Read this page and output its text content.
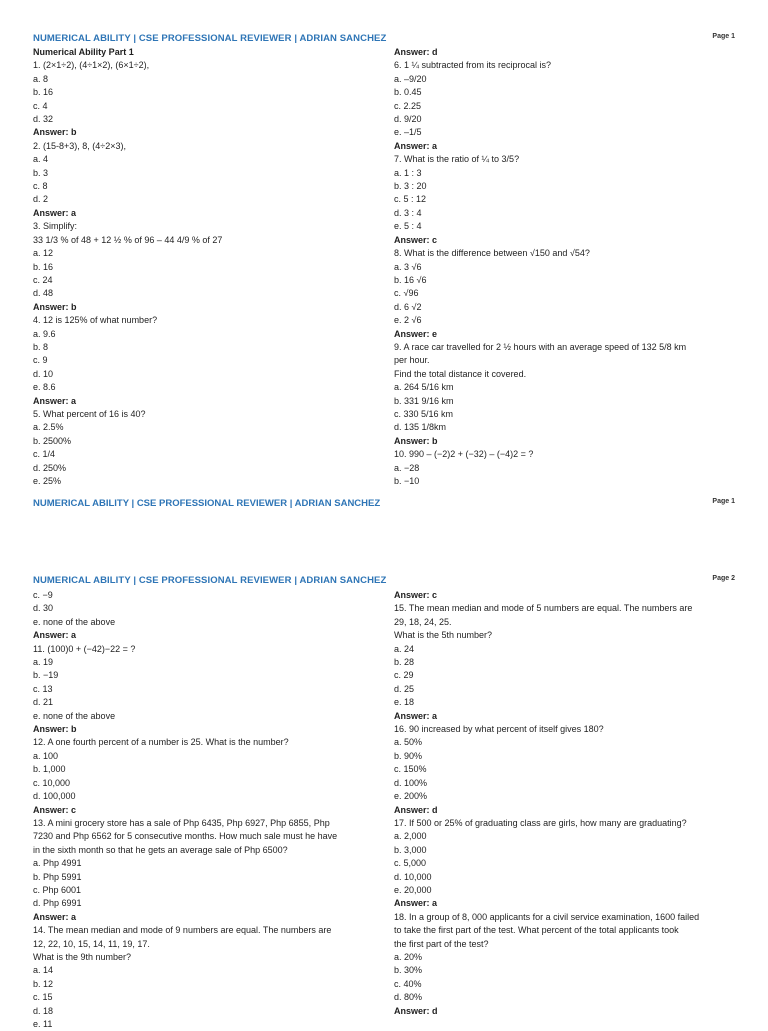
NUMERICAL ABILITY | CSE PROFESSIONAL REVIEWER | ADRIAN SANCHEZ	Page 1
Numerical Ability Part 1
1. (2×1÷2), (4÷1×2), (6×1÷2),
a. 8
b. 16
c. 4
d. 32
Answer: b
2. (15-8+3), 8, (4÷2×3),
a. 4
b. 3
c. 8
d. 2
Answer: a
3. Simplify:
33 1/3 % of 48 + 12 ½ % of 96 – 44 4/9 % of 27
a. 12
b. 16
c. 24
d. 48
Answer: b
4. 12 is 125% of what number?
a. 9.6
b. 8
c. 9
d. 10
e. 8.6
Answer: a
5. What percent of 16 is 40?
a. 2.5%
b. 2500%
c. 1/4
d. 250%
e. 25%
Answer: d
6. 1 ¼ subtracted from its reciprocal is?
a. –9/20
b. 0.45
c. 2.25
d. 9/20
e. –1/5
Answer: a
7. What is the ratio of ¼ to 3/5?
a. 1 : 3
b. 3 : 20
c. 5 : 12
d. 3 : 4
e. 5 : 4
Answer: c
8. What is the difference between √150 and √54?
a. 3 √6
b. 16 √6
c. √96
d. 6 √2
e. 2 √6
Answer: e
9. A race car travelled for 2 ½ hours with an average speed of 132 5/8 km
per hour.
Find the total distance it covered.
a. 264 5/16 km
b. 331 9/16 km
c. 330 5/16 km
d. 135 1/8km
Answer: b
10. 990 – (−2)2 + (−32) – (−4)2 = ?
a. −28
b. −10
NUMERICAL ABILITY | CSE PROFESSIONAL REVIEWER | ADRIAN SANCHEZ	Page 1
NUMERICAL ABILITY | CSE PROFESSIONAL REVIEWER | ADRIAN SANCHEZ	Page 2
c. −9
d. 30
e. none of the above
Answer: a
11. (100)0 + (−42)−22 = ?
a. 19
b. −19
c. 13
d. 21
e. none of the above
Answer: b
12. A one fourth percent of a number is 25. What is the number?
a. 100
b. 1,000
c. 10,000
d. 100,000
Answer: c
13. A mini grocery store has a sale of Php 6435, Php 6927, Php 6855, Php
7230 and Php 6562 for 5 consecutive months. How much sale must he have
in the sixth month so that he gets an average sale of Php 6500?
a. Php 4991
b. Php 5991
c. Php 6001
d. Php 6991
Answer: a
14. The mean median and mode of 9 numbers are equal. The numbers are
12, 22, 10, 15, 14, 11, 19, 17.
What is the 9th number?
a. 14
b. 12
c. 15
d. 18
e. 11
Answer: c
15. The mean median and mode of 5 numbers are equal. The numbers are
29, 18, 24, 25.
What is the 5th number?
a. 24
b. 28
c. 29
d. 25
e. 18
Answer: a
16. 90 increased by what percent of itself gives 180?
a. 50%
b. 90%
c. 150%
d. 100%
e. 200%
Answer: d
17. If 500 or 25% of graduating class are girls, how many are graduating?
a. 2,000
b. 3,000
c. 5,000
d. 10,000
e. 20,000
Answer: a
18. In a group of 8, 000 applicants for a civil service examination, 1600 failed
to take the first part of the test. What percent of the total applicants took
the first part of the test?
a. 20%
b. 30%
c. 40%
d. 80%
Answer: d
